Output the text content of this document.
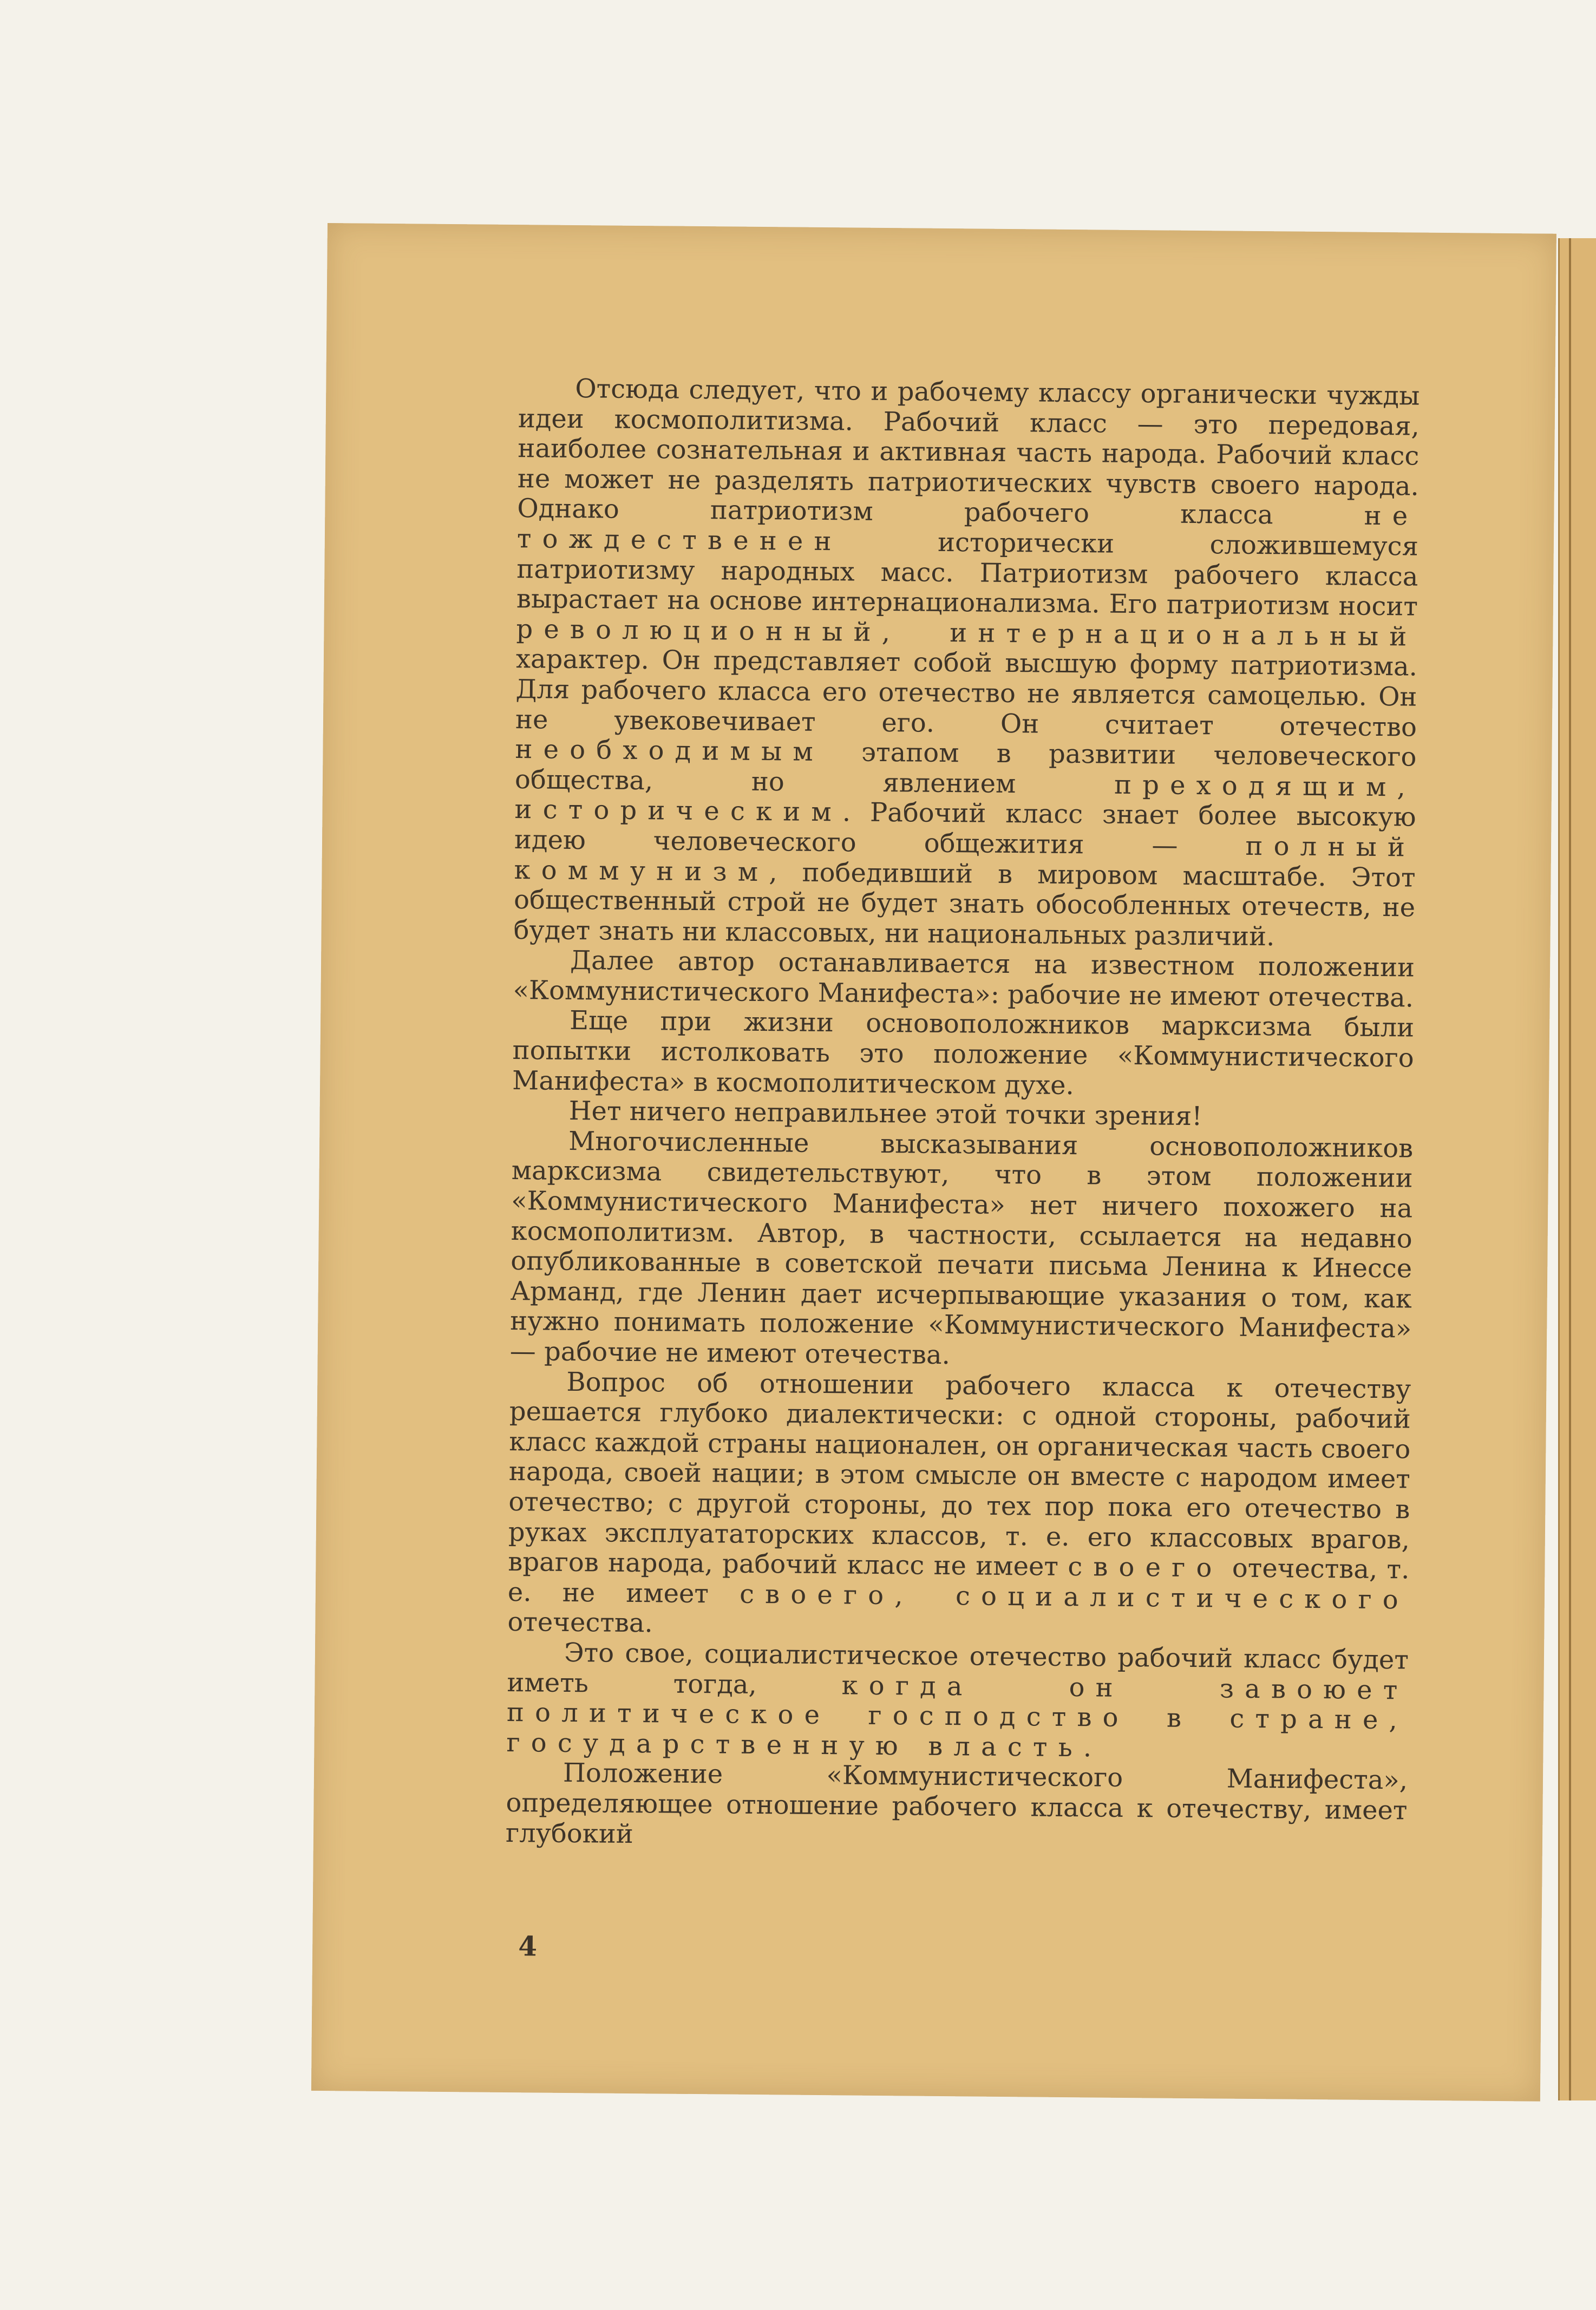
Отсюда следует, что и рабочему классу органически чужды идеи космополитизма. Рабочий класс — это передовая, наиболее сознательная и активная часть народа. Рабочий класс не может не разделять патриотических чувств своего народа. Однако патриотизм рабочего класса не тождественен исторически сложившемуся патриотизму народных масс. Патриотизм рабочего класса вырастает на основе интернационализма. Его патриотизм носит революционный, интернациональный характер. Он представляет собой высшую форму патриотизма. Для рабочего класса его отечество не является самоцелью. Он не увековечивает его. Он считает отечество необходимым этапом в развитии человеческого общества, но явлением преходящим, историческим. Рабочий класс знает более высокую идею человеческого общежития — полный коммунизм, победивший в мировом масштабе. Этот общественный строй не будет знать обособленных отечеств, не будет знать ни классовых, ни национальных различий.

Далее автор останавливается на известном положении «Коммунистического Манифеста»: рабочие не имеют отечества.

Еще при жизни основоположников марксизма были попытки истолковать это положение «Коммунистического Манифеста» в космополитическом духе.

Нет ничего неправильнее этой точки зрения!

Многочисленные высказывания основоположников марксизма свидетельствуют, что в этом положении «Коммунистического Манифеста» нет ничего похожего на космополитизм. Автор, в частности, ссылается на недавно опубликованные в советской печати письма Ленина к Инессе Арманд, где Ленин дает исчерпывающие указания о том, как нужно понимать положение «Коммунистического Манифеста» — рабочие не имеют отечества.

Вопрос об отношении рабочего класса к отечеству решается глубоко диалектически: с одной стороны, рабочий класс каждой страны национален, он органическая часть своего народа, своей нации; в этом смысле он вместе с народом имеет отечество; с другой стороны, до тех пор пока его отечество в руках эксплуататорских классов, т. е. его классовых врагов, врагов народа, рабочий класс не имеет своего отечества, т. е. не имеет своего, социалистического отечества.

Это свое, социалистическое отечество рабочий класс будет иметь тогда, когда он завоюет политическое господство в стране, государственную власть.

Положение «Коммунистического Манифеста», определяющее отношение рабочего класса к отечеству, имеет глубокий

4
